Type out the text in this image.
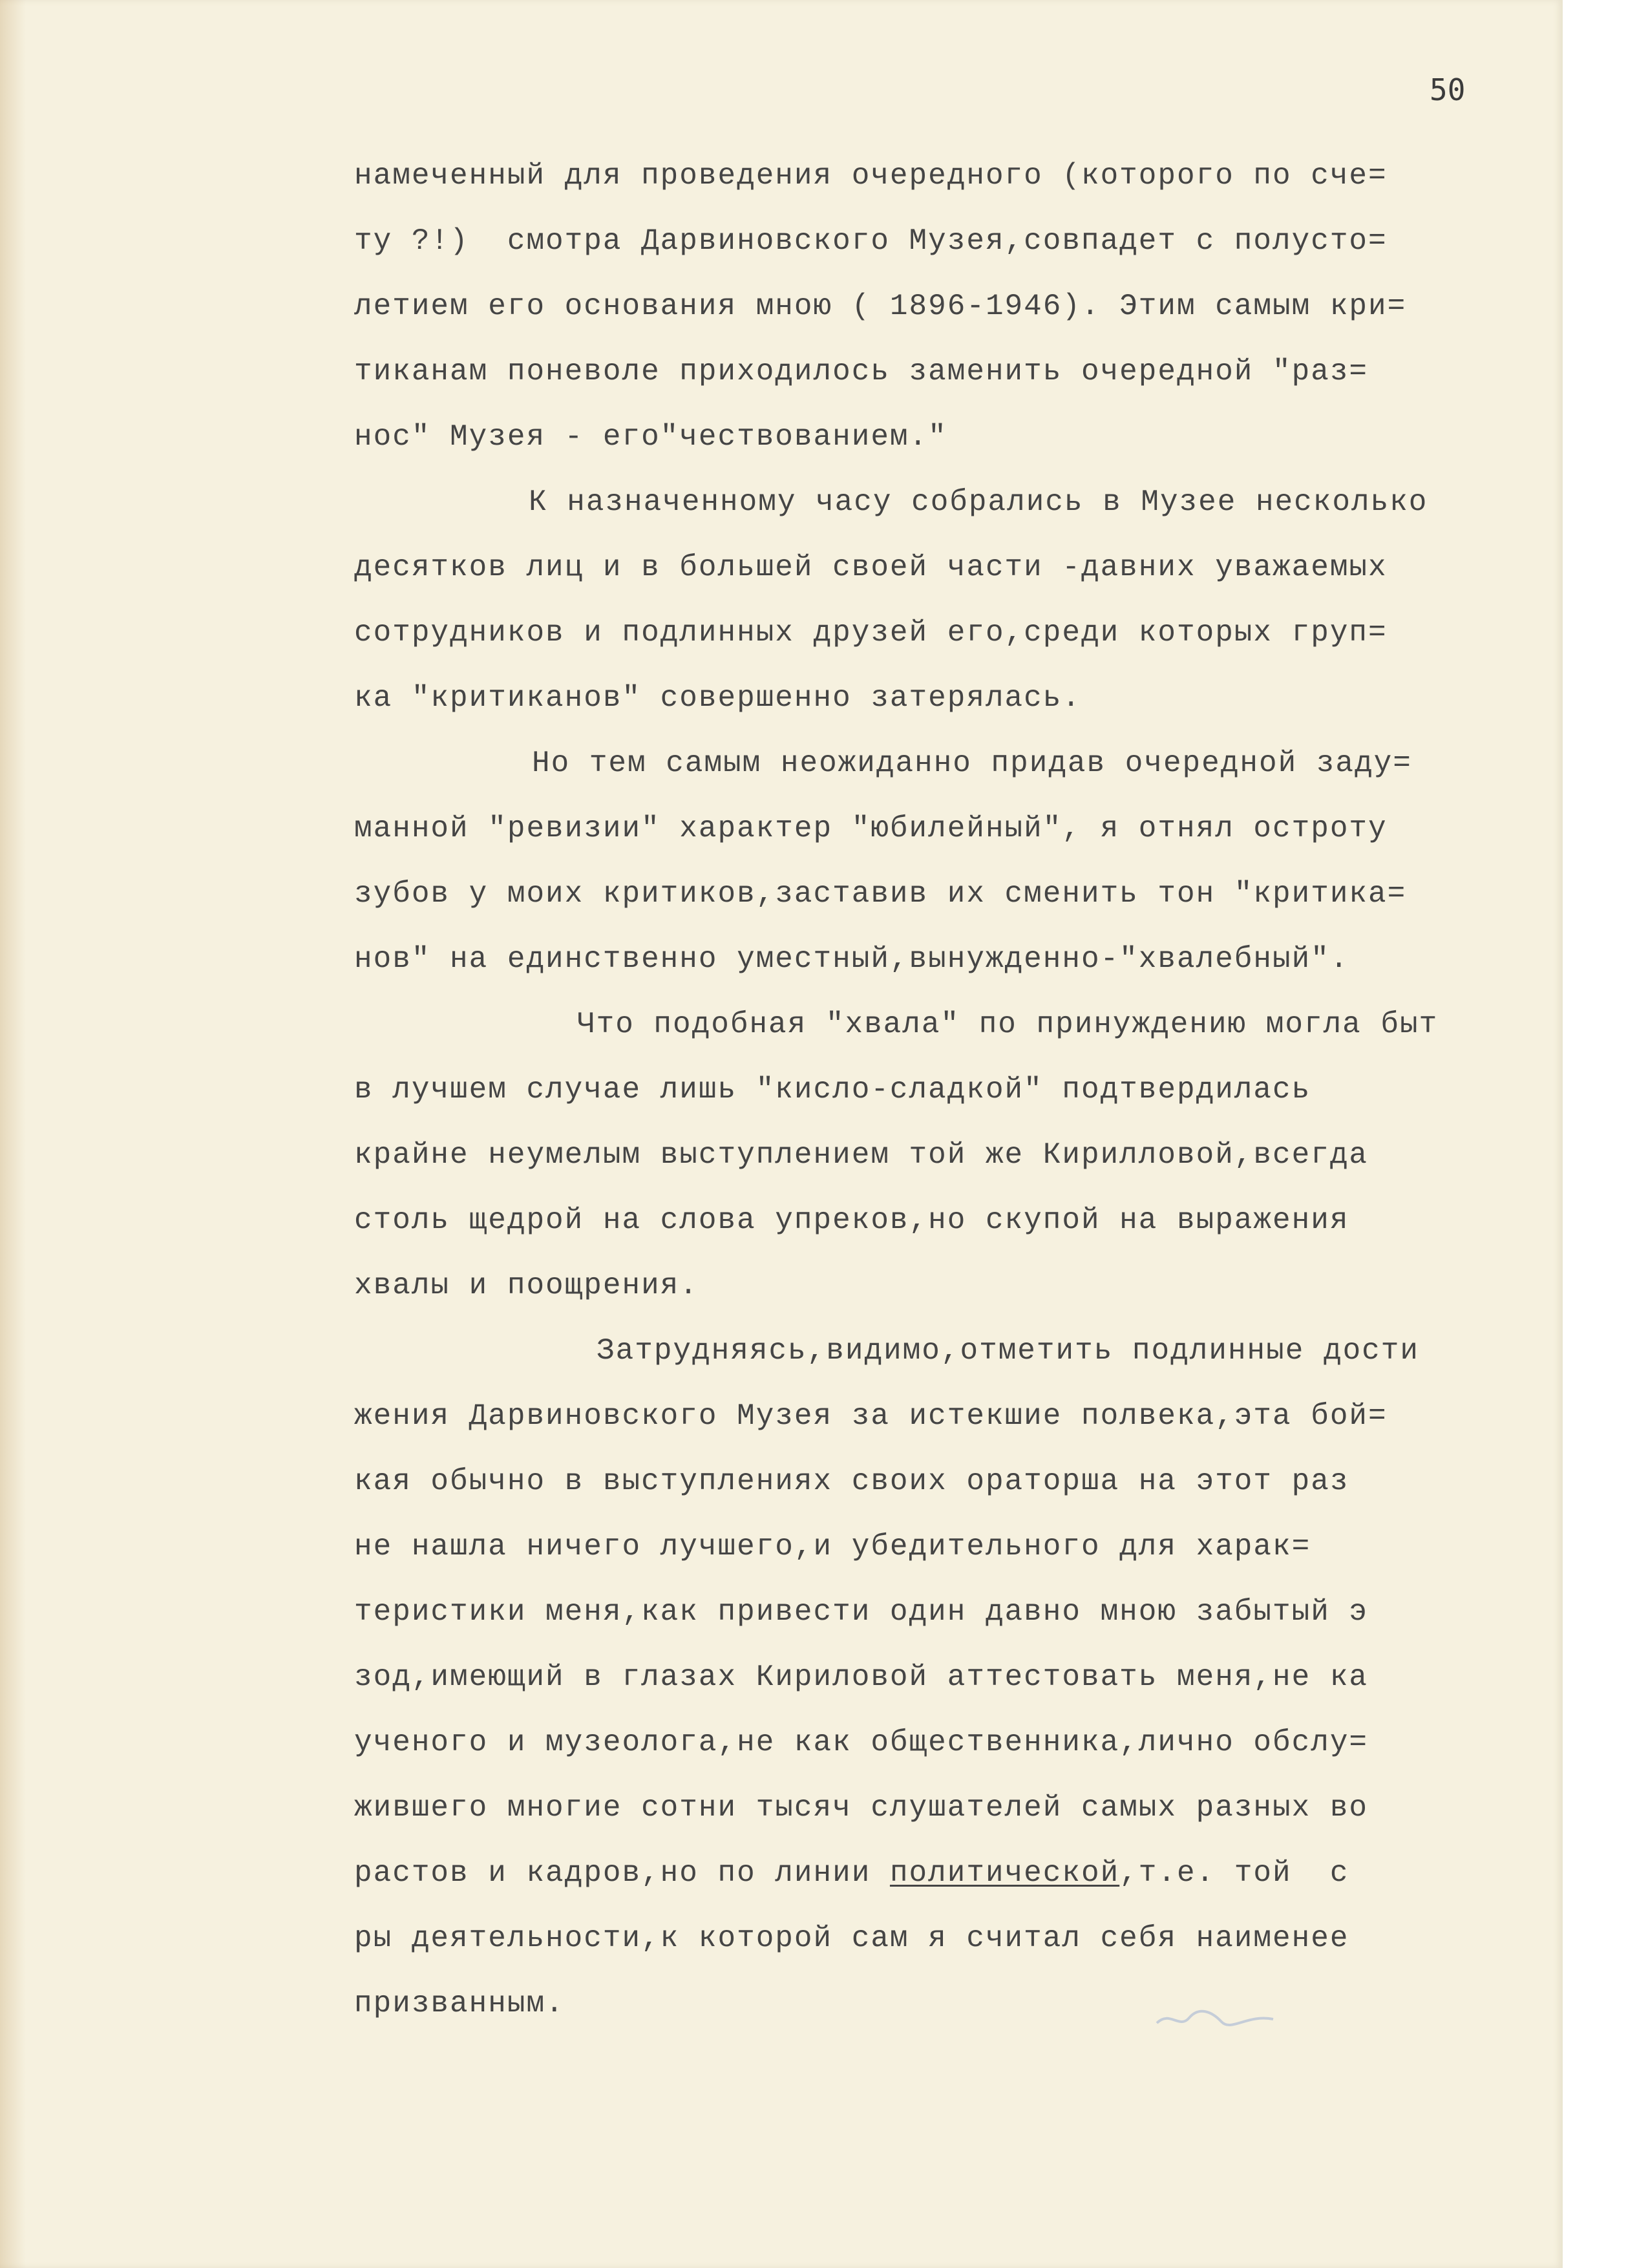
50

намеченный для проведения очередного (которого по сче=
ту ?!)  смотра Дарвиновского Музея,совпадет с полусто=
летием его основания мною ( 1896-1946). Этим самым кри=
тиканам поневоле приходилось заменить очередной "раз=
нос" Музея - его"чествованием."
К назначенному часу собрались в Музее несколько
десятков лиц и в большей своей части -давних уважаемых
сотрудников и подлинных друзей его,среди которых груп=
ка "критиканов" совершенно затерялась.
Но тем самым неожиданно придав очередной заду=
манной "ревизии" характер "юбилейный", я отнял остроту
зубов у моих критиков,заставив их сменить тон "критика=
нов" на единственно уместный,вынужденно-"хвалебный".
Что подобная "хвала" по принуждению могла быт
в лучшем случае лишь "кисло-сладкой" подтвердилась
крайне неумелым выступлением той же Кирилловой,всегда
столь щедрой на слова упреков,но скупой на выражения
хвалы и поощрения.
Затрудняясь,видимо,отметить подлинные дости
жения Дарвиновского Музея за истекшие полвека,эта бой=
кая обычно в выступлениях своих ораторша на этот раз
не нашла ничего лучшего,и убедительного для харак=
теристики меня,как привести один давно мною забытый э
зод,имеющий в глазах Кириловой аттестовать меня,не ка
ученого и музеолога,не как общественника,лично обслу=
жившего многие сотни тысяч слушателей самых разных во
растов и кадров,но по линии политической,т.е. той  с
ры деятельности,к которой сам я считал себя наименее
призванным.
